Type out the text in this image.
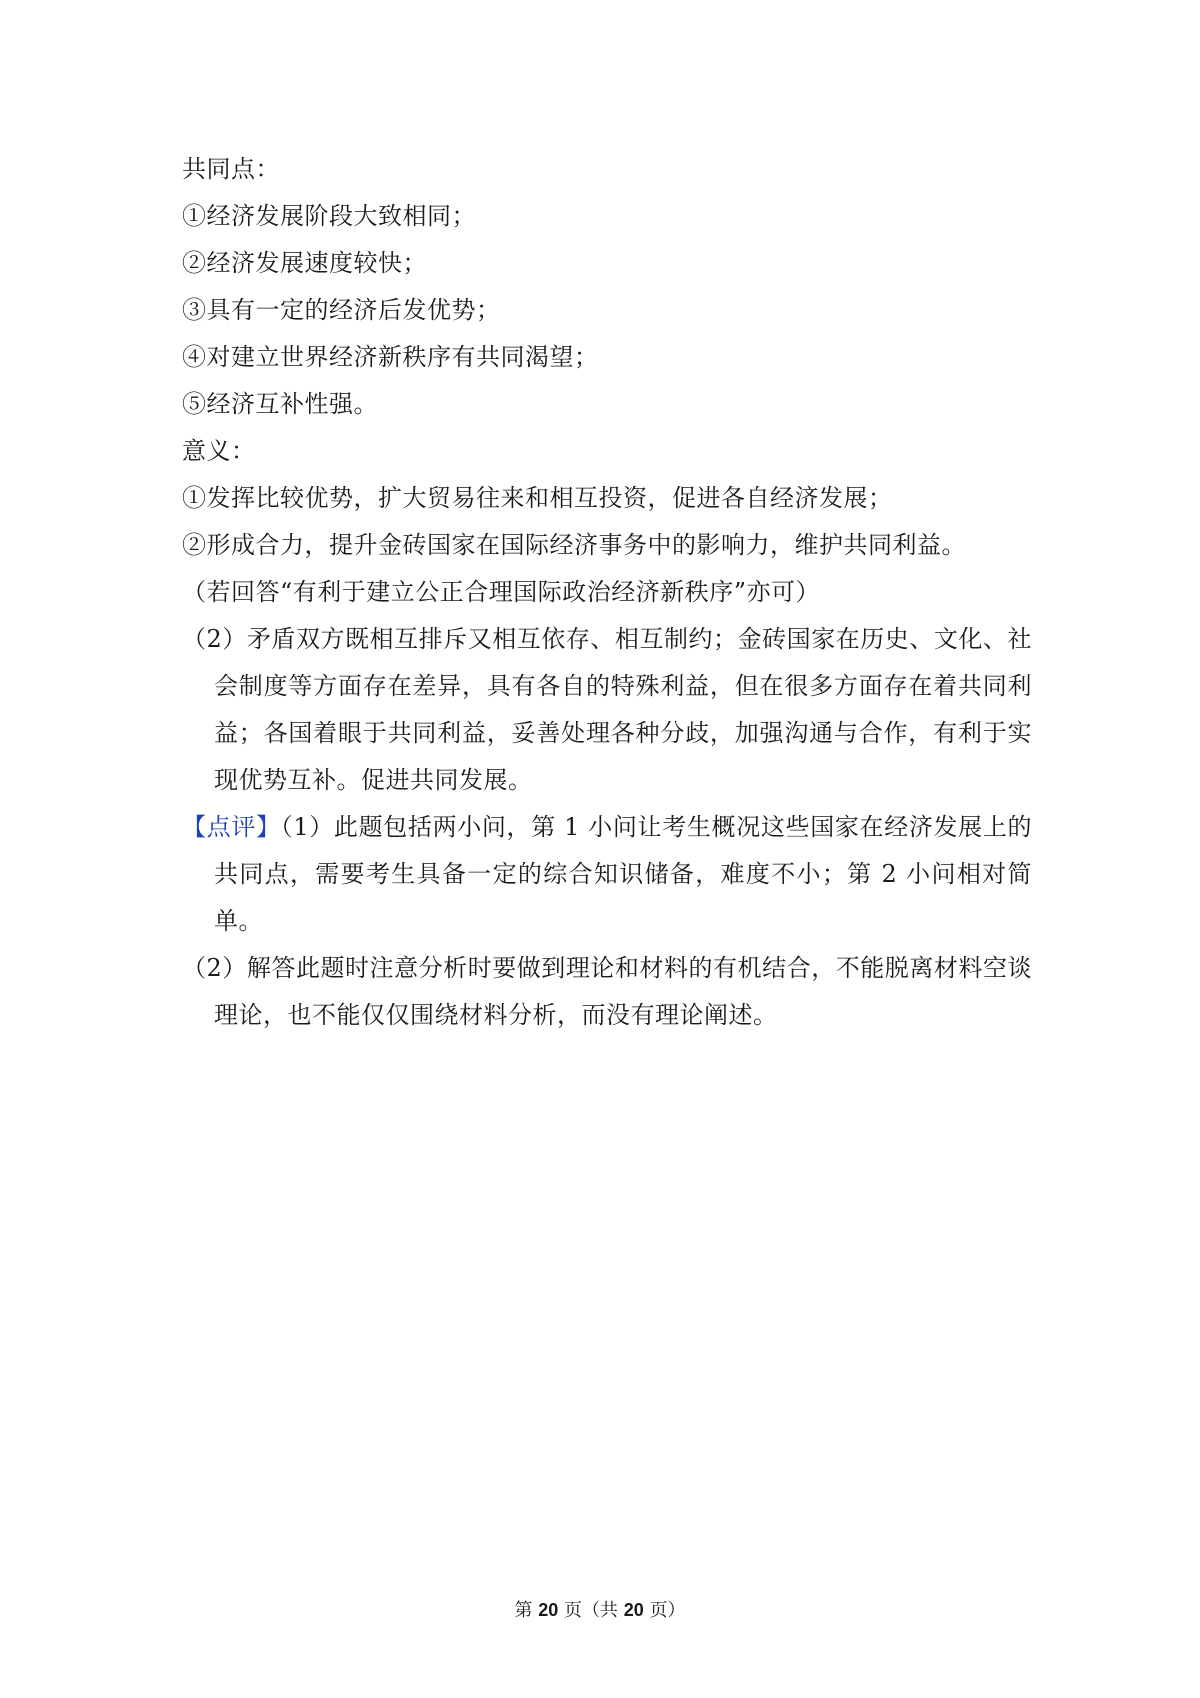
共同点：
①经济发展阶段大致相同；
②经济发展速度较快；
③具有一定的经济后发优势；
④对建立世界经济新秩序有共同渴望；
⑤经济互补性强。
意义：
①发挥比较优势，扩大贸易往来和相互投资，促进各自经济发展；
②形成合力，提升金砖国家在国际经济事务中的影响力，维护共同利益。
（若回答“有利于建立公正合理国际政治经济新秩序”亦可）
（2）矛盾双方既相互排斥又相互依存、相互制约；金砖国家在历史、文化、社
会制度等方面存在差异，具有各自的特殊利益，但在很多方面存在着共同利
益；各国着眼于共同利益，妥善处理各种分歧，加强沟通与合作，有利于实
现优势互补。促进共同发展。
【点评】（1）此题包括两小问，第 1 小问让考生概况这些国家在经济发展上的
共同点，需要考生具备一定的综合知识储备，难度不小；第 2 小问相对简
单。
（2）解答此题时注意分析时要做到理论和材料的有机结合，不能脱离材料空谈
理论，也不能仅仅围绕材料分析，而没有理论阐述。
第 20 页（共 20 页）
